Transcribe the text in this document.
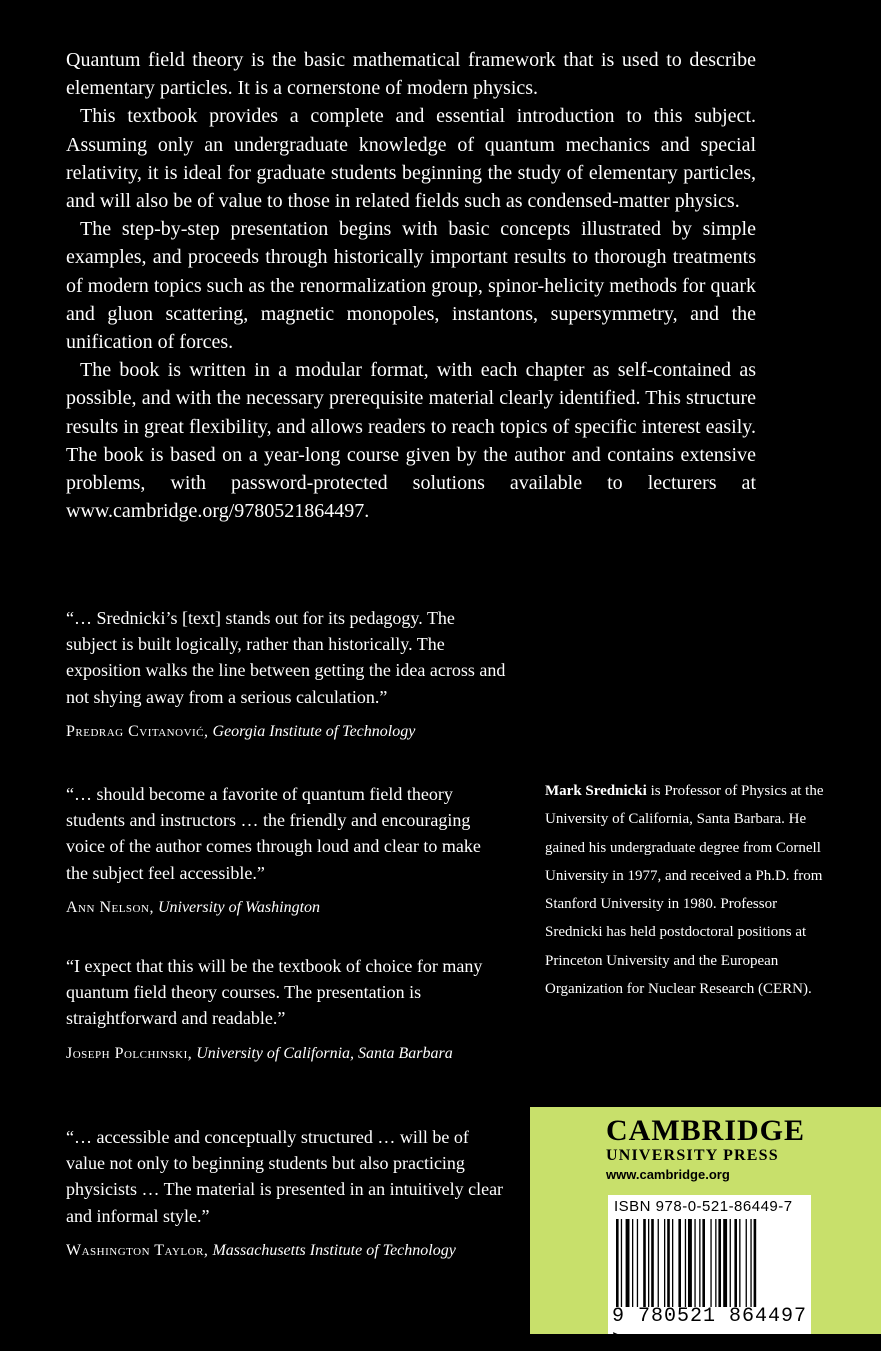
Quantum field theory is the basic mathematical framework that is used to describe elementary particles. It is a cornerstone of modern physics.

This textbook provides a complete and essential introduction to this subject. Assuming only an undergraduate knowledge of quantum mechanics and special relativity, it is ideal for graduate students beginning the study of elementary particles, and will also be of value to those in related fields such as condensed-matter physics.

The step-by-step presentation begins with basic concepts illustrated by simple examples, and proceeds through historically important results to thorough treatments of modern topics such as the renormalization group, spinor-helicity methods for quark and gluon scattering, magnetic monopoles, instantons, supersymmetry, and the unification of forces.

The book is written in a modular format, with each chapter as self-contained as possible, and with the necessary prerequisite material clearly identified. This structure results in great flexibility, and allows readers to reach topics of specific interest easily. The book is based on a year-long course given by the author and contains extensive problems, with password-protected solutions available to lecturers at www.cambridge.org/9780521864497.

“… Srednicki’s [text] stands out for its pedagogy. The subject is built logically, rather than historically. The exposition walks the line between getting the idea across and not shying away from a serious calculation.”

Predrag Cvitanović, Georgia Institute of Technology

“… should become a favorite of quantum field theory students and instructors … the friendly and encouraging voice of the author comes through loud and clear to make the subject feel accessible.”

Ann Nelson, University of Washington

“I expect that this will be the textbook of choice for many quantum field theory courses. The presentation is straightforward and readable.”

Joseph Polchinski, University of California, Santa Barbara

“… accessible and conceptually structured … will be of value not only to beginning students but also practicing physicists … The material is presented in an intuitively clear and informal style.”

Washington Taylor, Massachusetts Institute of Technology

Mark Srednicki is Professor of Physics at the University of California, Santa Barbara. He gained his undergraduate degree from Cornell University in 1977, and received a Ph.D. from Stanford University in 1980. Professor Srednicki has held postdoctoral positions at Princeton University and the European Organization for Nuclear Research (CERN).
CAMBRIDGE
UNIVERSITY PRESS
www.cambridge.org
ISBN 978-0-521-86449-7
9 780521 864497 >
